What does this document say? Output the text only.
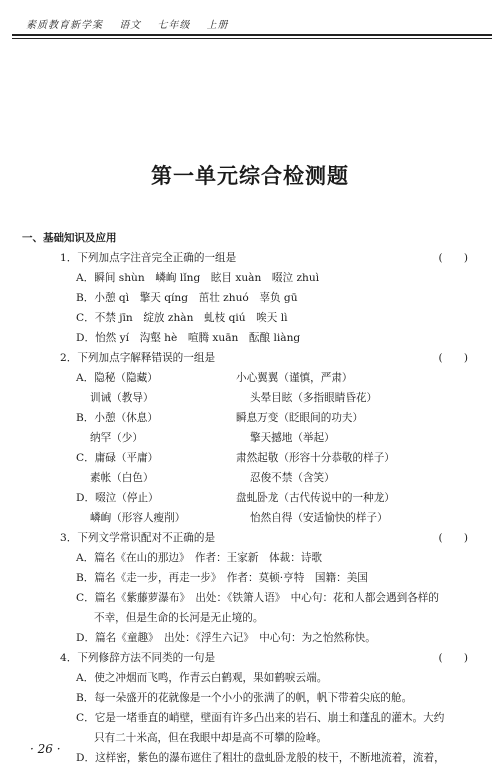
素质教育新学案 语文 七年级 上册
第一单元综合检测题
一、基础知识及应用
1．下列加点字注音完全正确的一组是	(　　)
A．瞬间 shùn　嶙峋 lǐng　眩目 xuàn　啜泣 zhuì
B．小憩 qì　擎天 qíng　茁壮 zhuó　辜负 gū
C．不禁 jīn　绽放 zhàn　虬枝 qiú　唉天 lì
D．怡然 yí　沟壑 hè　喧腾 xuān　酝酿 liàng
2．下列加点字解释错误的一组是	(　　)
A．隐秘（隐藏）	小心翼翼（谨慎，严肃）
训诫（教导）	头晕目眩（多指眼睛昏花）
B．小憩（休息）	瞬息万变（眨眼间的功夫）
纳罕（少）	擎天撼地（举起）
C．庸碌（平庸）	肃然起敬（形容十分恭敬的样子）
素帐（白色）	忍俊不禁（含笑）
D．啜泣（停止）	盘虬卧龙（古代传说中的一种龙）
嶙峋（形容人瘦削）	怡然自得（安适愉快的样子）
3．下列文学常识配对不正确的是	(　　)
A．篇名《在山的那边》　作者：王家新　体裁：诗歌
B．篇名《走一步，再走一步》　作者：莫顿·亨特　国籍：美国
C．篇名《紫藤萝瀑布》　出处：《铁箫人语》　中心句：花和人都会遇到各样的
不幸，但是生命的长河是无止境的。
D．篇名《童趣》　出处：《浮生六记》　中心句：为之怡然称快。
4．下列修辞方法不同类的一句是	(　　)
A．使之冲烟而飞鸣，作青云白鹤观，果如鹤唳云端。
B．每一朵盛开的花就像是一个小小的张满了的帆，帆下带着尖底的舱。
C．它是一堵垂直的峭壁，壁面有许多凸出来的岩石、崩土和蓬乱的灌木。大约
只有二十米高，但在我眼中却是高不可攀的险峰。
D．这样密，紫色的瀑布遮住了粗壮的盘虬卧龙般的枝干，不断地流着，流着，
· 26 ·
